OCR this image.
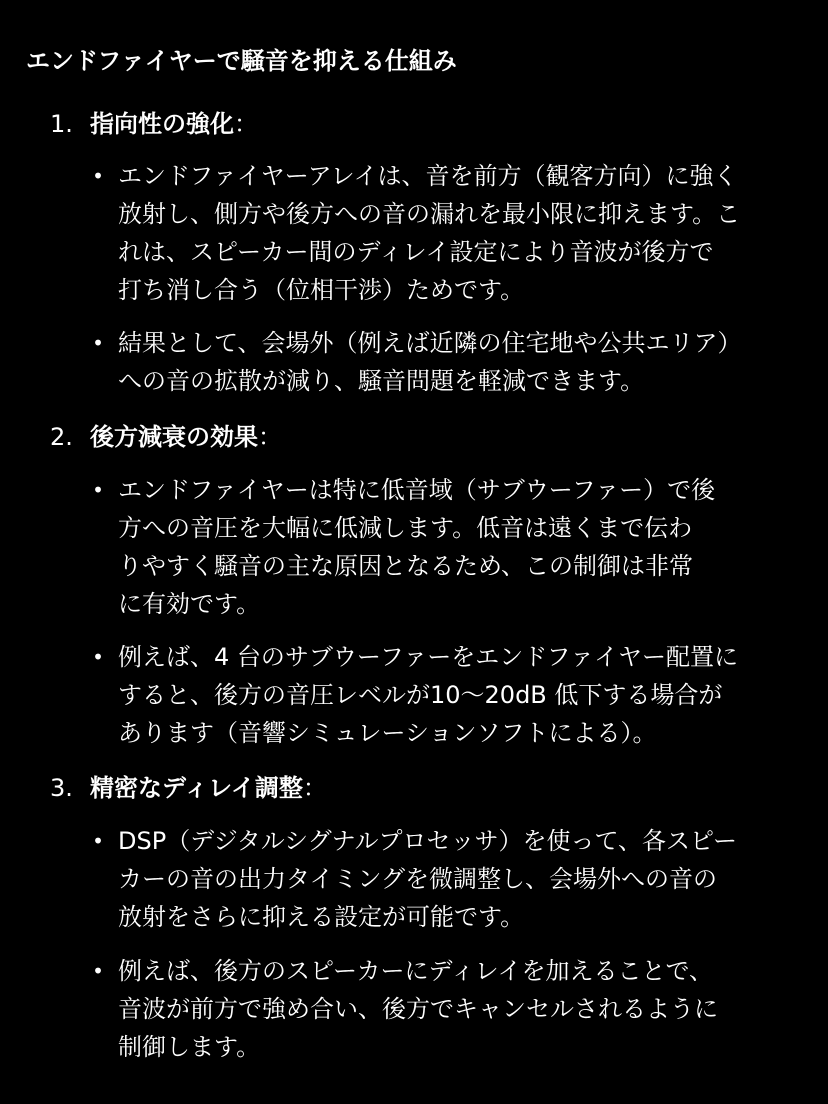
エンドファイヤーで騒音を抑える仕組み
1. 指向性の強化：
• エンドファイヤーアレイは、音を前方（観客方向）に強く
放射し、側方や後方への音の漏れを最小限に抑えます。こ
れは、スピーカー間のディレイ設定により音波が後方で
打ち消し合う（位相干渉）ためです。
• 結果として、会場外（例えば近隣の住宅地や公共エリア）
への音の拡散が減り、騒音問題を軽減できます。
2. 後方減衰の効果：
• エンドファイヤーは特に低音域（サブウーファー）で後
方への音圧を大幅に低減します。低音は遠くまで伝わ
りやすく騒音の主な原因となるため、この制御は非常
に有効です。
• 例えば、4 台のサブウーファーをエンドファイヤー配置に
すると、後方の音圧レベルが10〜20dB 低下する場合が
あります（音響シミュレーションソフトによる）。
3. 精密なディレイ調整：
• DSP（デジタルシグナルプロセッサ）を使って、各スピー
カーの音の出力タイミングを微調整し、会場外への音の
放射をさらに抑える設定が可能です。
• 例えば、後方のスピーカーにディレイを加えることで、
音波が前方で強め合い、後方でキャンセルされるように
制御します。
